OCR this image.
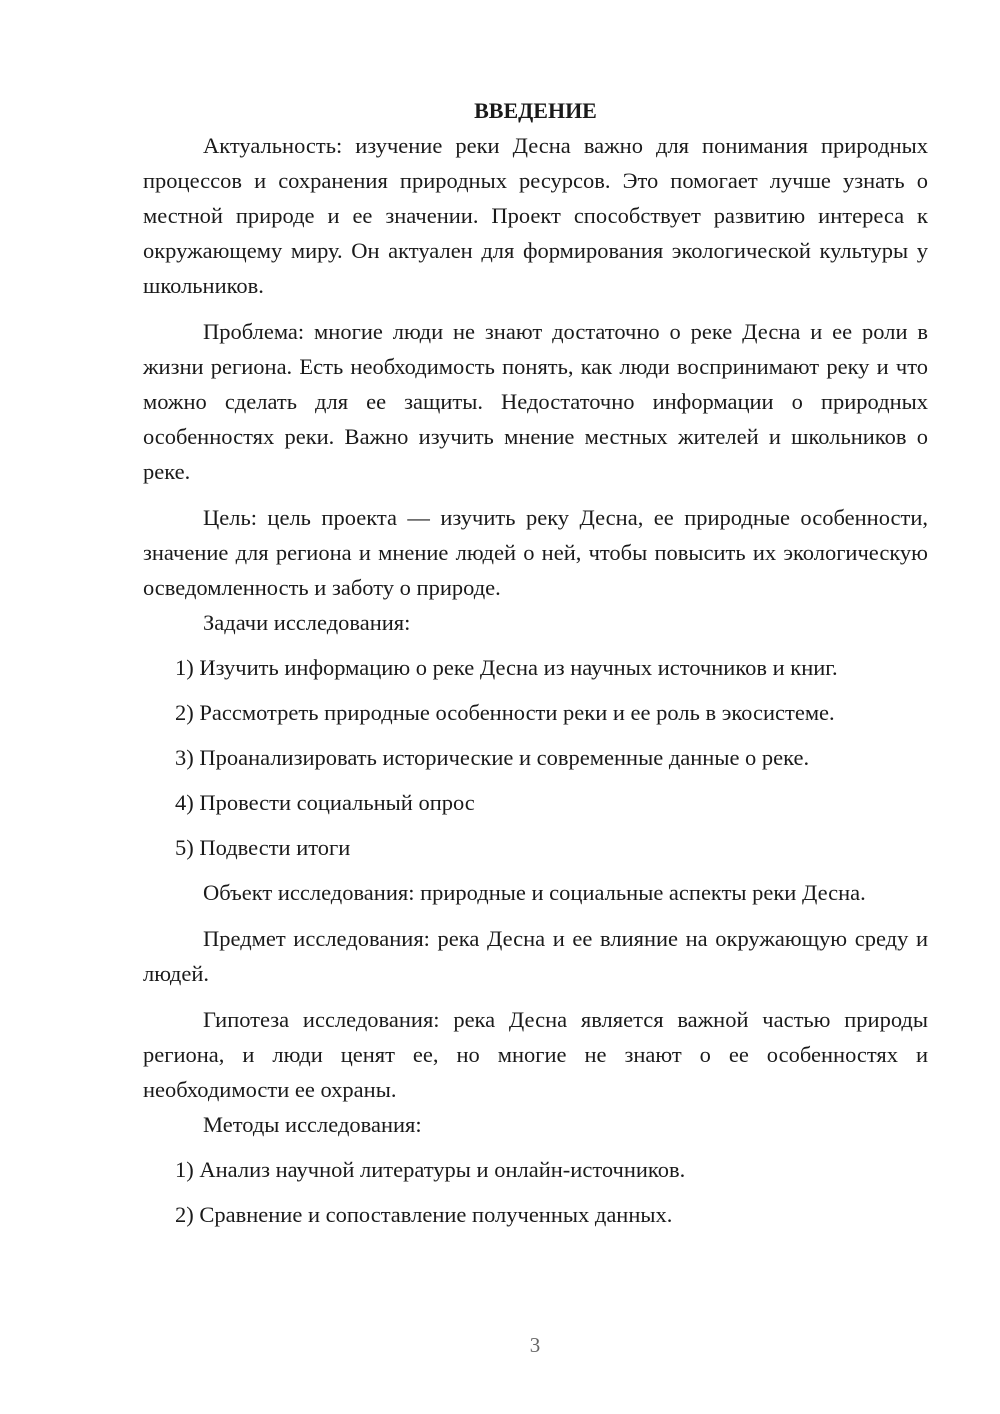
ВВЕДЕНИЕ

Актуальность: изучение реки Десна важно для понимания природных процессов и сохранения природных ресурсов. Это помогает лучше узнать о местной природе и ее значении. Проект способствует развитию интереса к окружающему миру. Он актуален для формирования экологической культуры у школьников.

Проблема: многие люди не знают достаточно о реке Десна и ее роли в жизни региона. Есть необходимость понять, как люди воспринимают реку и что можно сделать для ее защиты. Недостаточно информации о природных особенностях реки. Важно изучить мнение местных жителей и школьников о реке.

Цель: цель проекта — изучить реку Десна, ее природные особенности, значение для региона и мнение людей о ней, чтобы повысить их экологическую осведомленность и заботу о природе.

Задачи исследования:

1) Изучить информацию о реке Десна из научных источников и книг.

2) Рассмотреть природные особенности реки и ее роль в экосистеме.

3) Проанализировать исторические и современные данные о реке.

4) Провести социальный опрос

5) Подвести итоги

Объект исследования: природные и социальные аспекты реки Десна.

Предмет исследования: река Десна и ее влияние на окружающую среду и людей.

Гипотеза исследования: река Десна является важной частью природы региона, и люди ценят ее, но многие не знают о ее особенностях и необходимости ее охраны.

Методы исследования:

1) Анализ научной литературы и онлайн-источников.

2) Сравнение и сопоставление полученных данных.

3
